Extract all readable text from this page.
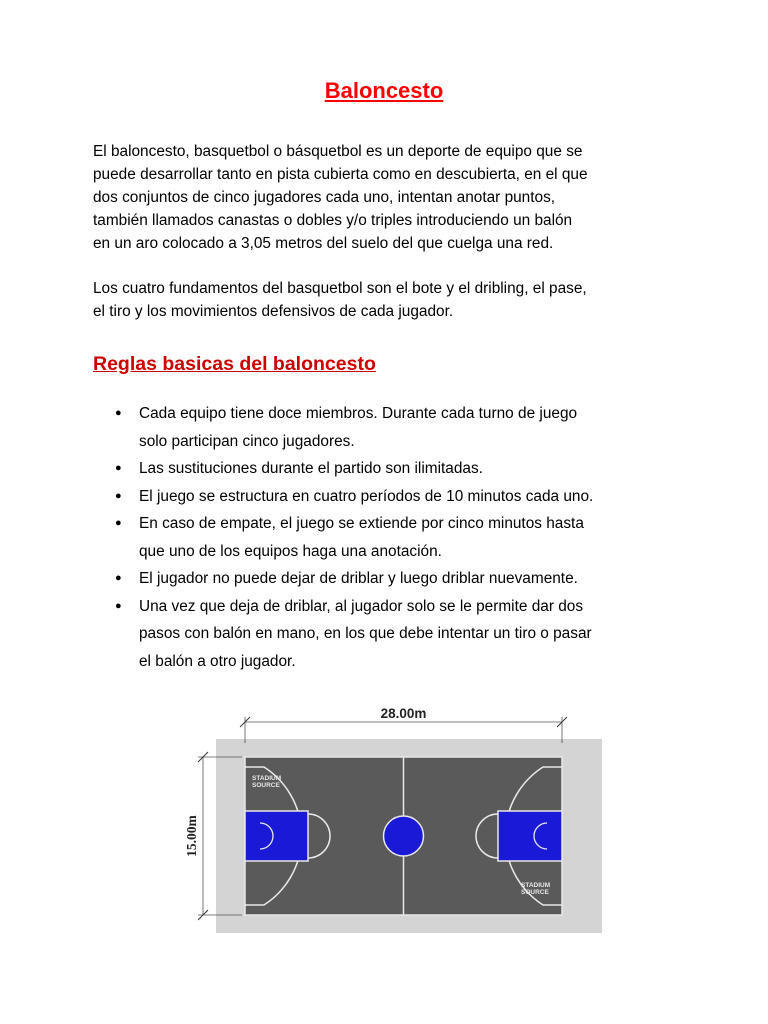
Baloncesto

El baloncesto, basquetbol o básquetbol es un deporte de equipo que se
puede desarrollar tanto en pista cubierta como en descubierta, en el que
dos conjuntos de cinco jugadores cada uno, intentan anotar puntos,
también llamados canastas o dobles y/o triples introduciendo un balón
en un aro colocado a 3,05 metros del suelo del que cuelga una red.

Los cuatro fundamentos del basquetbol son el bote y el dribling, el pase,
el tiro y los movimientos defensivos de cada jugador.

Reglas basicas del baloncesto
● Cada equipo tiene doce miembros. Durante cada turno de juego
solo participan cinco jugadores.
● Las sustituciones durante el partido son ilimitadas.
● El juego se estructura en cuatro períodos de 10 minutos cada uno.
● En caso de empate, el juego se extiende por cinco minutos hasta
que uno de los equipos haga una anotación.
● El jugador no puede dejar de driblar y luego driblar nuevamente.
● Una vez que deja de driblar, al jugador solo se le permite dar dos
pasos con balón en mano, en los que debe intentar un tiro o pasar
el balón a otro jugador.
STADIUM
SOURCE
STADIUM
SOURCE
28.00m
15.00m
